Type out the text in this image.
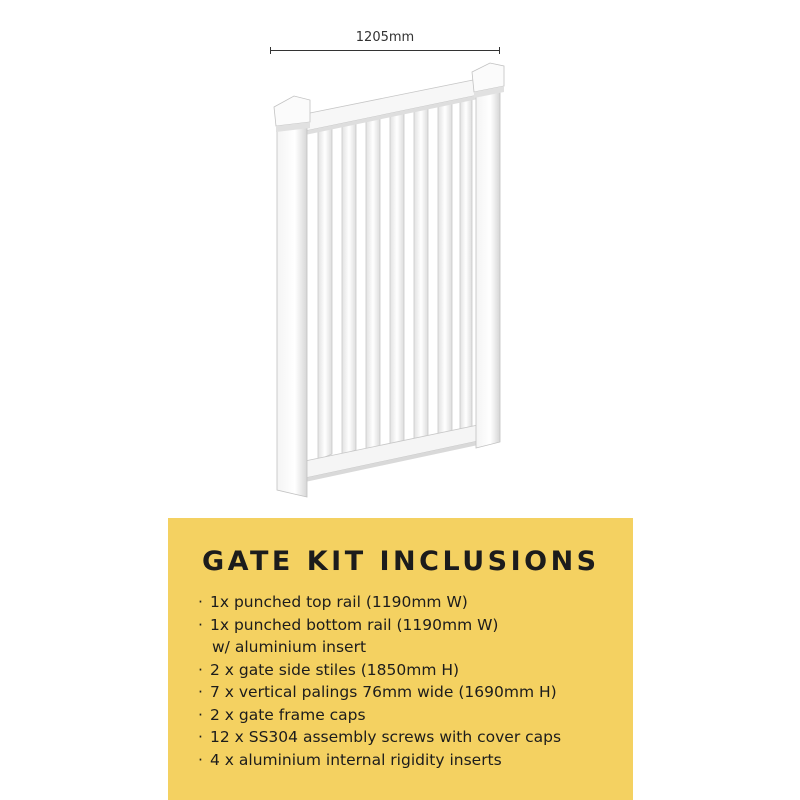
1205mm
GATE KIT INCLUSIONS
· 1x punched top rail (1190mm W)
· 1x punched bottom rail (1190mm W)
w/ aluminium insert
· 2 x gate side stiles (1850mm H)
· 7 x vertical palings 76mm wide (1690mm H)
· 2 x gate frame caps
· 12 x SS304 assembly screws with cover caps
· 4 x aluminium internal rigidity inserts
